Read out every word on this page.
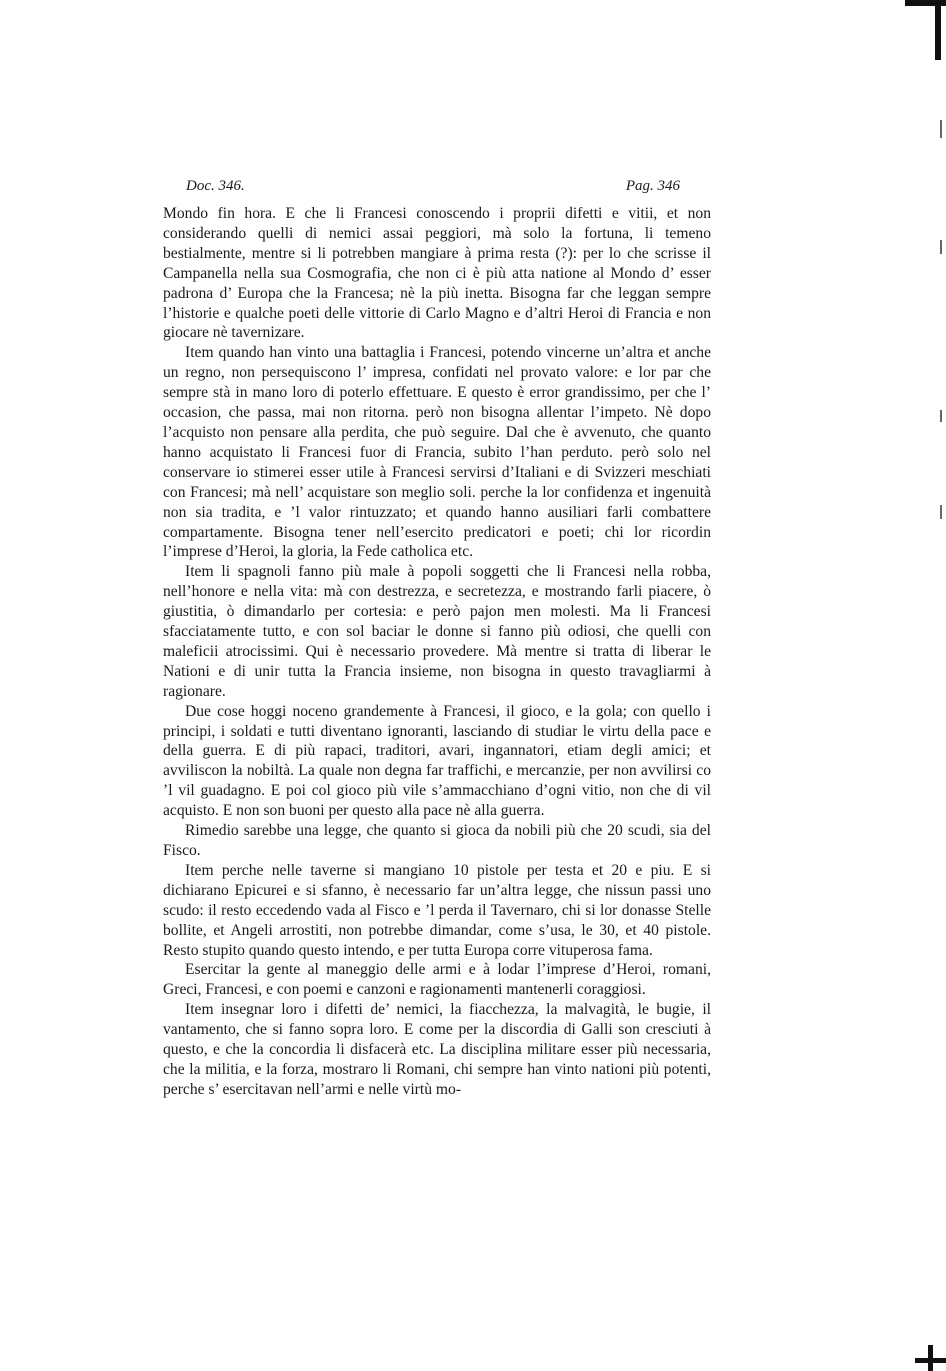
Doc. 346.	Pag. 346

Mondo fin hora. E che li Francesi conoscendo i proprii difetti e vitii, et non considerando quelli di nemici assai peggiori, mà solo la fortuna, li temeno bestialmente, mentre si li potrebben mangiare à prima resta (?): per lo che scrisse il Campanella nella sua Cosmografia, che non ci è più atta natione al Mondo d’ esser padrona d’ Europa che la Francesa; nè la più inetta. Bisogna far che leggan sempre l’historie e qualche poeti delle vittorie di Carlo Magno e d’altri Heroi di Francia e non giocare nè tavernizare.

Item quando han vinto una battaglia i Francesi, potendo vincerne un’altra et anche un regno, non persequiscono l’ impresa, confidati nel provato valore: e lor par che sempre stà in mano loro di poterlo effettuare. E questo è error grandissimo, per che l’ occasion, che passa, mai non ritorna. però non bisogna allentar l’impeto. Nè dopo l’acquisto non pensare alla perdita, che può seguire. Dal che è avvenuto, che quanto hanno acquistato li Francesi fuor di Francia, subito l’han perduto. però solo nel conservare io stimerei esser utile à Francesi servirsi d’Italiani e di Svizzeri meschiati con Francesi; mà nell’ acquistare son meglio soli. perche la lor confidenza et ingenuità non sia tradita, e ’l valor rintuzzato; et quando hanno ausiliari farli combattere compartamente. Bisogna tener nell’esercito predicatori e poeti; chi lor ricordin l’imprese d’Heroi, la gloria, la Fede catholica etc.

Item li spagnoli fanno più male à popoli soggetti che li Francesi nella robba, nell’honore e nella vita: mà con destrezza, e secretezza, e mostrando farli piacere, ò giustitia, ò dimandarlo per cortesia: e però pajon men molesti. Ma li Francesi sfacciatamente tutto, e con sol baciar le donne si fanno più odiosi, che quelli con maleficii atrocissimi. Qui è necessario provedere. Mà mentre si tratta di liberar le Nationi e di unir tutta la Francia insieme, non bisogna in questo travagliarmi à ragionare.

Due cose hoggi noceno grandemente à Francesi, il gioco, e la gola; con quello i principi, i soldati e tutti diventano ignoranti, lasciando di studiar le virtu della pace e della guerra. E di più rapaci, traditori, avari, ingannatori, etiam degli amici; et avviliscon la nobiltà. La quale non degna far traffichi, e mercanzie, per non avvilirsi co ’l vil guadagno. E poi col gioco più vile s’ammacchiano d’ogni vitio, non che di vil acquisto. E non son buoni per questo alla pace nè alla guerra.

Rimedio sarebbe una legge, che quanto si gioca da nobili più che 20 scudi, sia del Fisco.

Item perche nelle taverne si mangiano 10 pistole per testa et 20 e piu. E si dichiarano Epicurei e si sfanno, è necessario far un’altra legge, che nissun passi uno scudo: il resto eccedendo vada al Fisco e ’l perda il Tavernaro, chi si lor donasse Stelle bollite, et Angeli arrostiti, non potrebbe dimandar, come s’usa, le 30, et 40 pistole. Resto stupito quando questo intendo, e per tutta Europa corre vituperosa fama.

Esercitar la gente al maneggio delle armi e à lodar l’imprese d’Heroi, romani, Greci, Francesi, e con poemi e canzoni e ragionamenti mantenerli coraggiosi.

Item insegnar loro i difetti de’ nemici, la fiacchezza, la malvagità, le bugie, il vantamento, che si fanno sopra loro. E come per la discordia di Galli son cresciuti à questo, e che la concordia li disfacerà etc. La disciplina militare esser più necessaria, che la militia, e la forza, mostraro li Romani, chi sempre han vinto nationi più potenti, perche s’ esercitavan nell’armi e nelle virtù mo-
